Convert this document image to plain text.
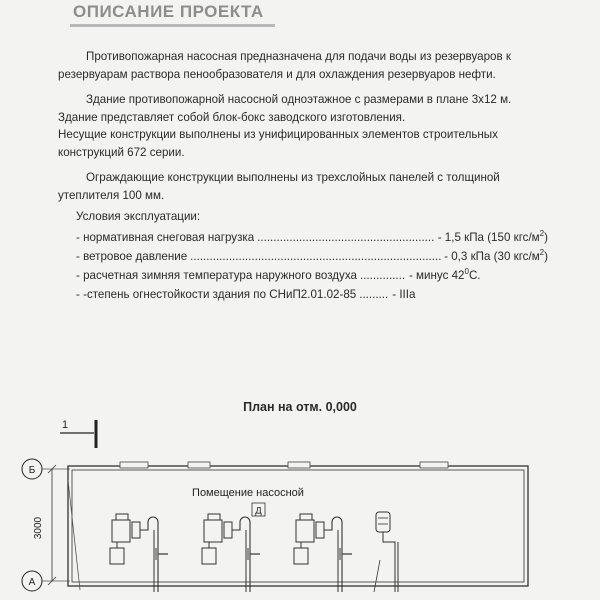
ОПИСАНИЕ ПРОЕКТА

Противопожарная насосная предназначена для подачи воды из резервуаров к резервуарам раствора пенообразователя и для охлаждения резервуаров нефти.

Здание противопожарной насосной одноэтажное с размерами в плане 3х12 м.

Здание представляет собой блок-бокс заводского изготовления.

Несущие конструкции выполнены из унифицированных элементов строительных конструкций 672 серии.

Ограждающие конструкции выполнены из трехслойных панелей с толщиной утеплителя 100 мм.

Условия эксплуатации:

- нормативная снеговая нагрузка .....	- 1,5 кПа (150 кгс/$м^2$)
- ветровое давление .....	- 0,3 кПа (30 кгс/$м^2$)
- расчетная зимняя температура наружного воздуха .....	- минус $42^0С$.
- -степень огнестойкости здания по СНиП2.01.02-85 .....	- IIIa
План на отм. 0,000
1
Б
А
3000
Помещение насосной
Д
